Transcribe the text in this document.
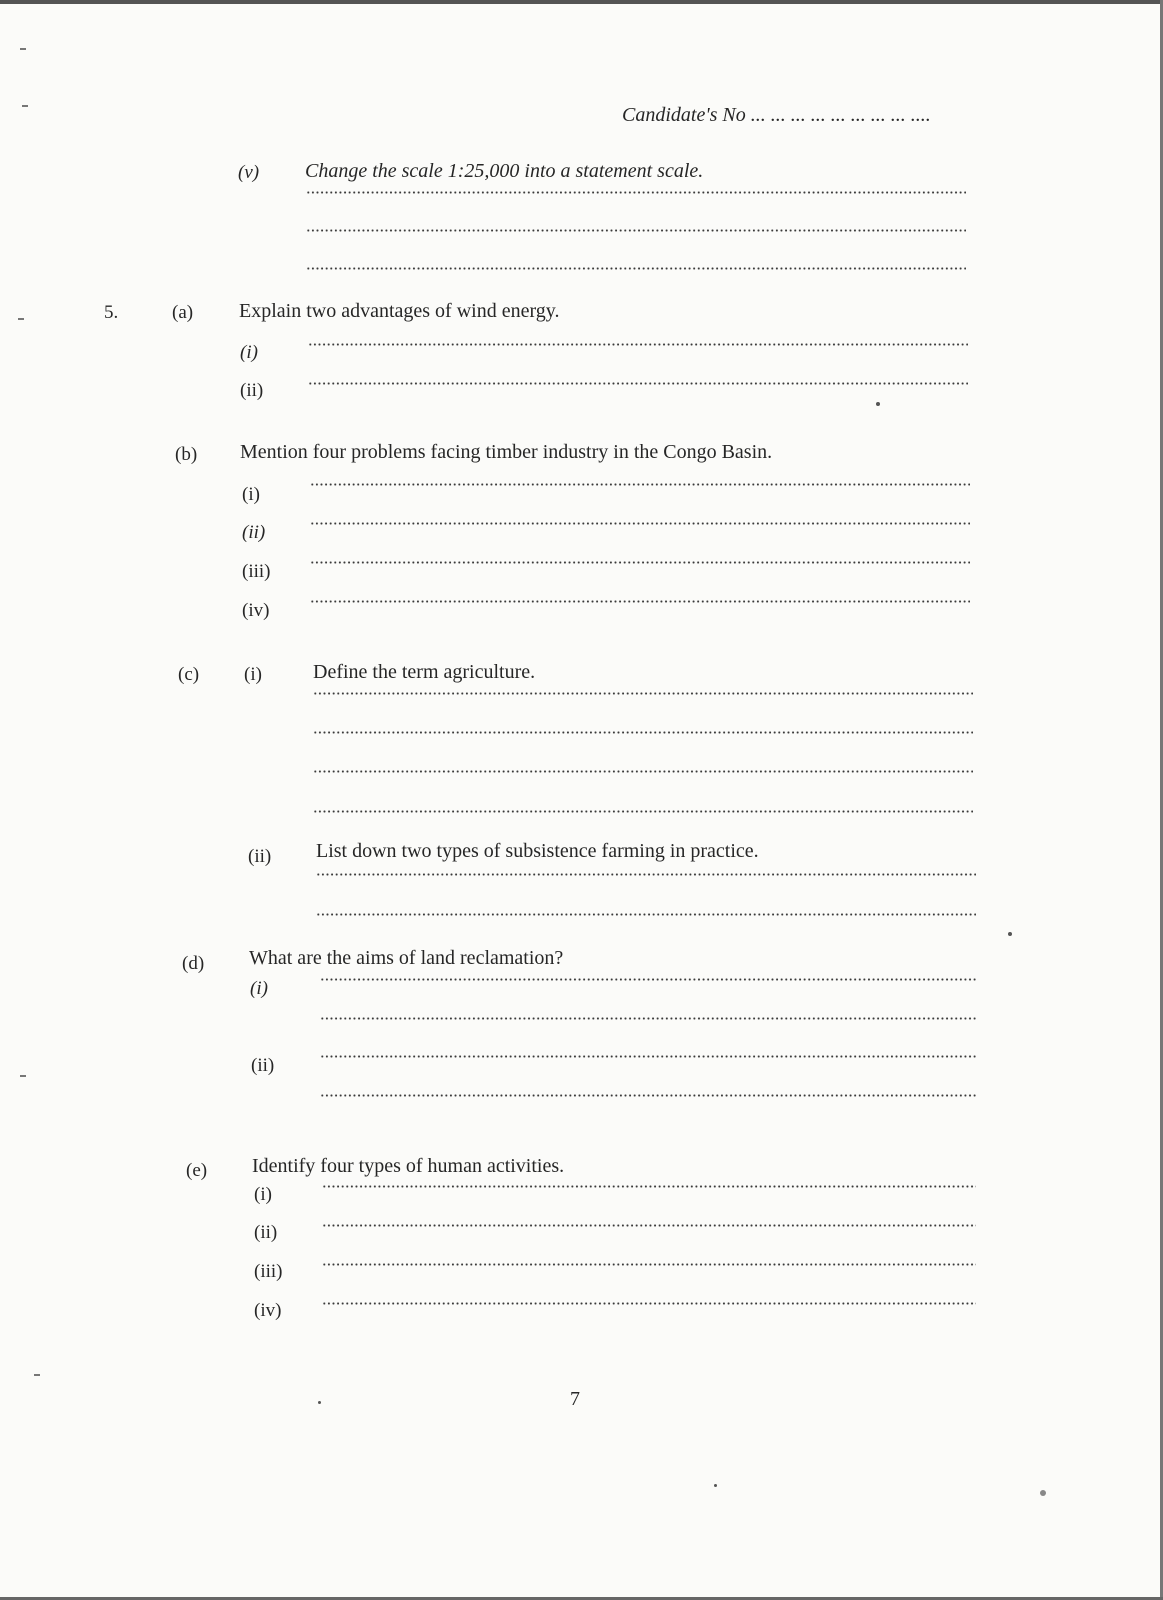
Candidate's No ... ... ... ... ... ... ... ... ....
(v) Change the scale 1:25,000 into a statement scale.
5.	(a) Explain two advantages of wind energy.
(i)
(ii)
(b) Mention four problems facing timber industry in the Congo Basin.
(i)
(ii)
(iii)
(iv)
(c) (i)	Define the term agriculture.
(ii) List down two types of subsistence farming in practice.
(d) What are the aims of land reclamation?
(i)
(ii)
(e) Identify four types of human activities.
(i)
(ii)
(iii)
(iv)
7
